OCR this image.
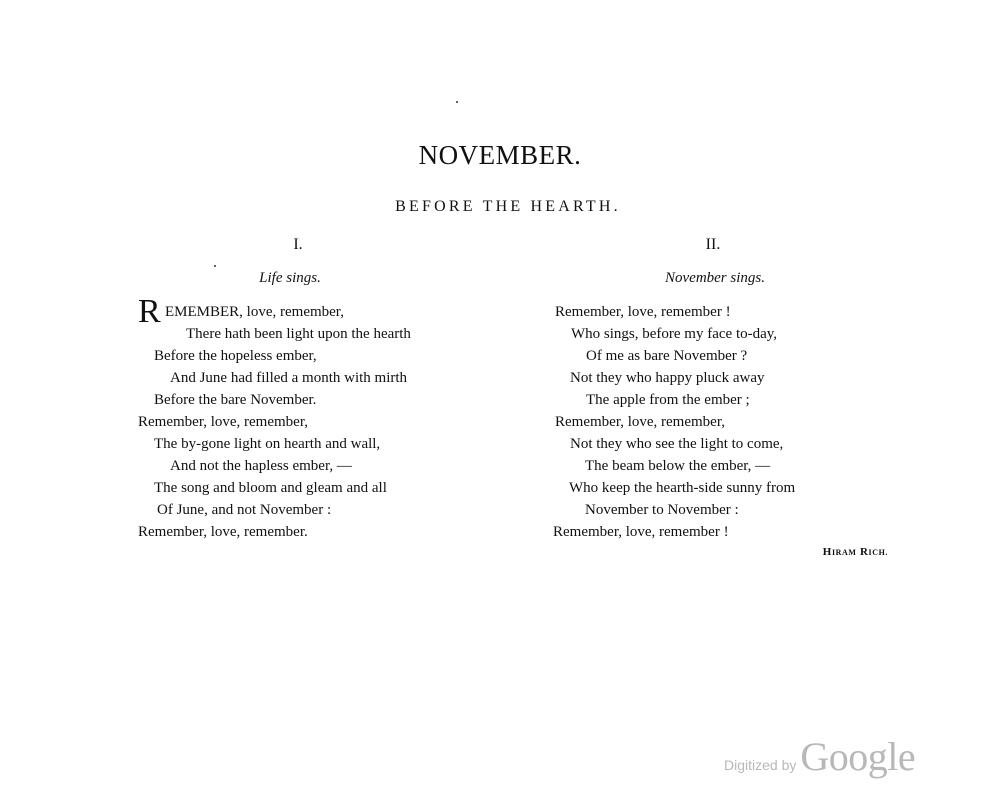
NOVEMBER.
BEFORE THE HEARTH.
I.
Life sings.
II.
November sings.
R EMEMBER, love, remember,
There hath been light upon the hearth
Before the hopeless ember,
And June had filled a month with mirth
Before the bare November.
Remember, love, remember,
The by-gone light on hearth and wall,
And not the hapless ember, —
The song and bloom and gleam and all
Of June, and not November :
Remember, love, remember.
Remember, love, remember !
Who sings, before my face to-day,
Of me as bare November ?
Not they who happy pluck away
The apple from the ember ;
Remember, love, remember,
Not they who see the light to come,
The beam below the ember, —
Who keep the hearth-side sunny from
November to November :
Remember, love, remember !
HIRAM RICH.
Digitized by Google
